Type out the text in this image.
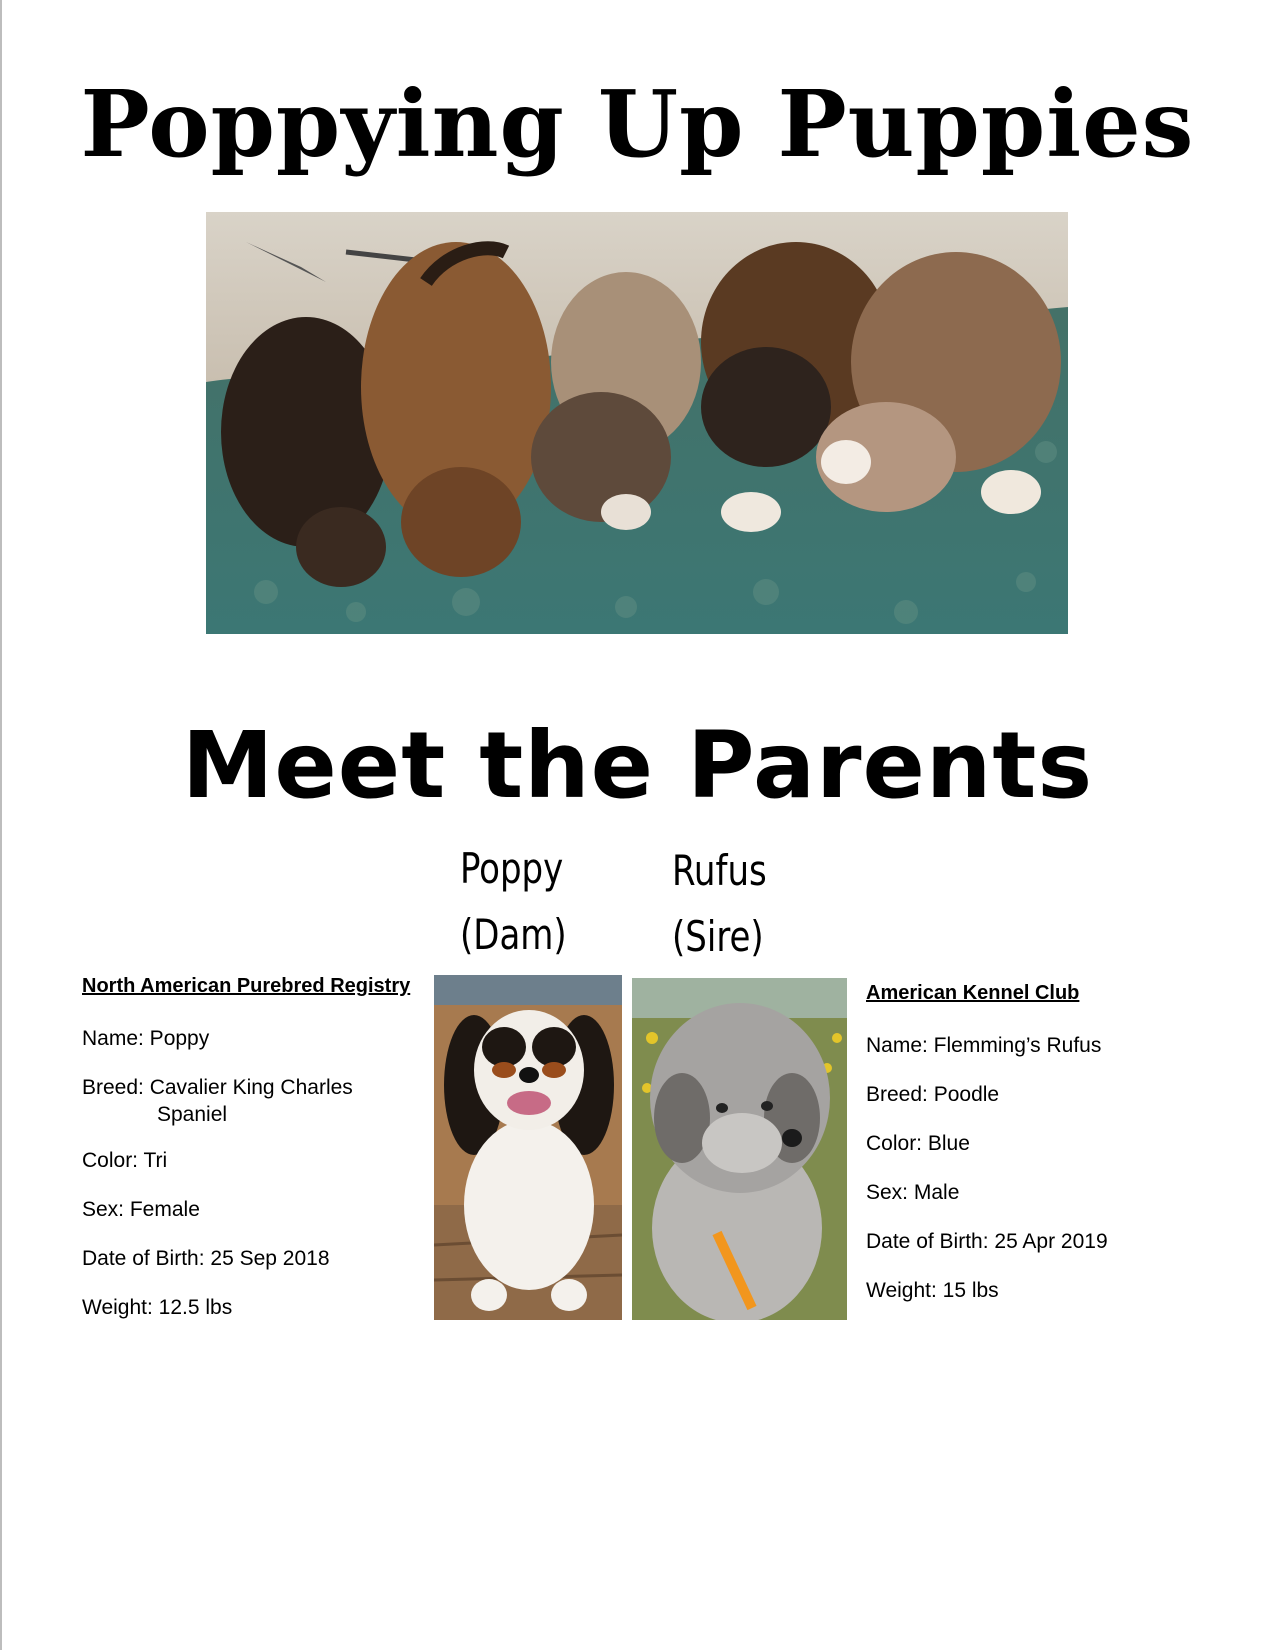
Poppying Up Puppies
Meet the Parents
Poppy
(Dam)
Rufus
(Sire)
North American Purebred Registry
Name: Poppy
Breed: Cavalier King Charles
Spaniel
Color: Tri
Sex: Female
Date of Birth: 25 Sep 2018
Weight: 12.5 lbs
American Kennel Club
Name: Flemming’s Rufus
Breed: Poodle
Color: Blue
Sex: Male
Date of Birth: 25 Apr 2019
Weight: 15 lbs
